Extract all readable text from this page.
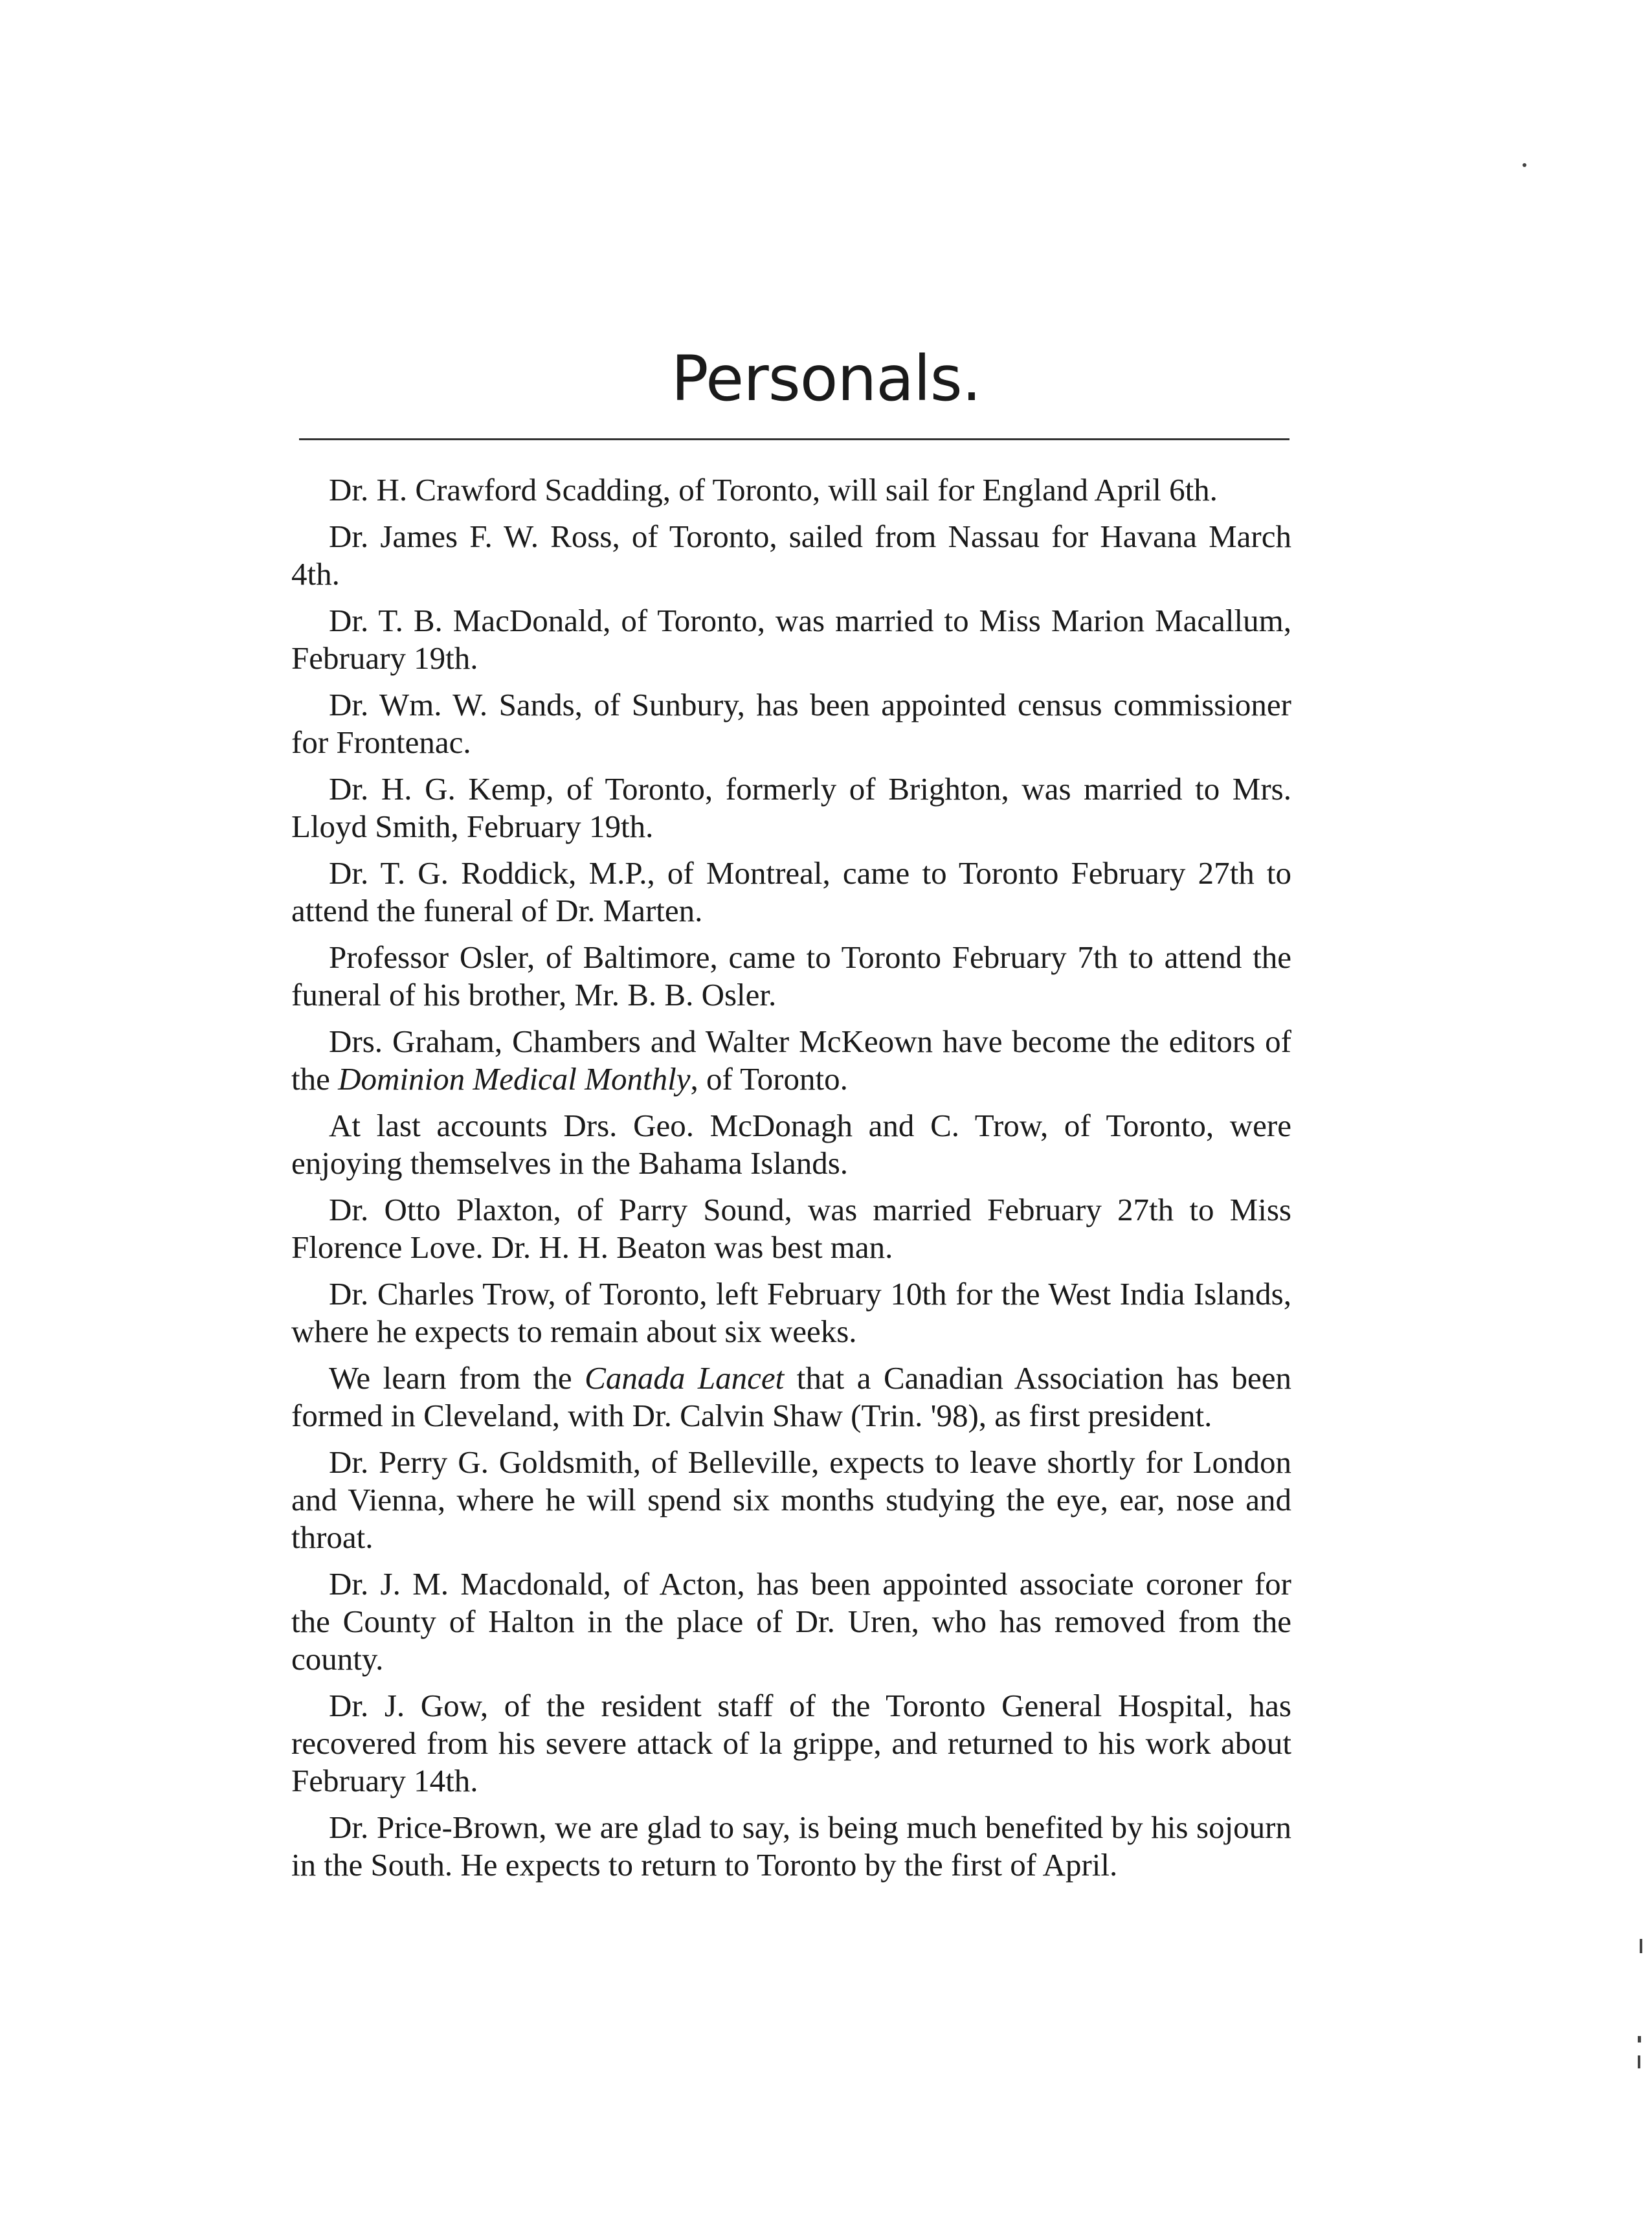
Personals.

Dr. H. Crawford Scadding, of Toronto, will sail for England April 6th.

Dr. James F. W. Ross, of Toronto, sailed from Nassau for Havana March 4th.

Dr. T. B. MacDonald, of Toronto, was married to Miss Marion Macallum, February 19th.

Dr. Wm. W. Sands, of Sunbury, has been appointed census commissioner for Frontenac.

Dr. H. G. Kemp, of Toronto, formerly of Brighton, was married to Mrs. Lloyd Smith, February 19th.

Dr. T. G. Roddick, M.P., of Montreal, came to Toronto February 27th to attend the funeral of Dr. Marten.

Professor Osler, of Baltimore, came to Toronto February 7th to attend the funeral of his brother, Mr. B. B. Osler.

Drs. Graham, Chambers and Walter McKeown have become the editors of the Dominion Medical Monthly, of Toronto.

At last accounts Drs. Geo. McDonagh and C. Trow, of Toronto, were enjoying themselves in the Bahama Islands.

Dr. Otto Plaxton, of Parry Sound, was married February 27th to Miss Florence Love. Dr. H. H. Beaton was best man.

Dr. Charles Trow, of Toronto, left February 10th for the West India Islands, where he expects to remain about six weeks.

We learn from the Canada Lancet that a Canadian Association has been formed in Cleveland, with Dr. Calvin Shaw (Trin. '98), as first president.

Dr. Perry G. Goldsmith, of Belleville, expects to leave shortly for London and Vienna, where he will spend six months studying the eye, ear, nose and throat.

Dr. J. M. Macdonald, of Acton, has been appointed associate coroner for the County of Halton in the place of Dr. Uren, who has removed from the county.

Dr. J. Gow, of the resident staff of the Toronto General Hospital, has recovered from his severe attack of la grippe, and returned to his work about February 14th.

Dr. Price-Brown, we are glad to say, is being much benefited by his sojourn in the South. He expects to return to Toronto by the first of April.
